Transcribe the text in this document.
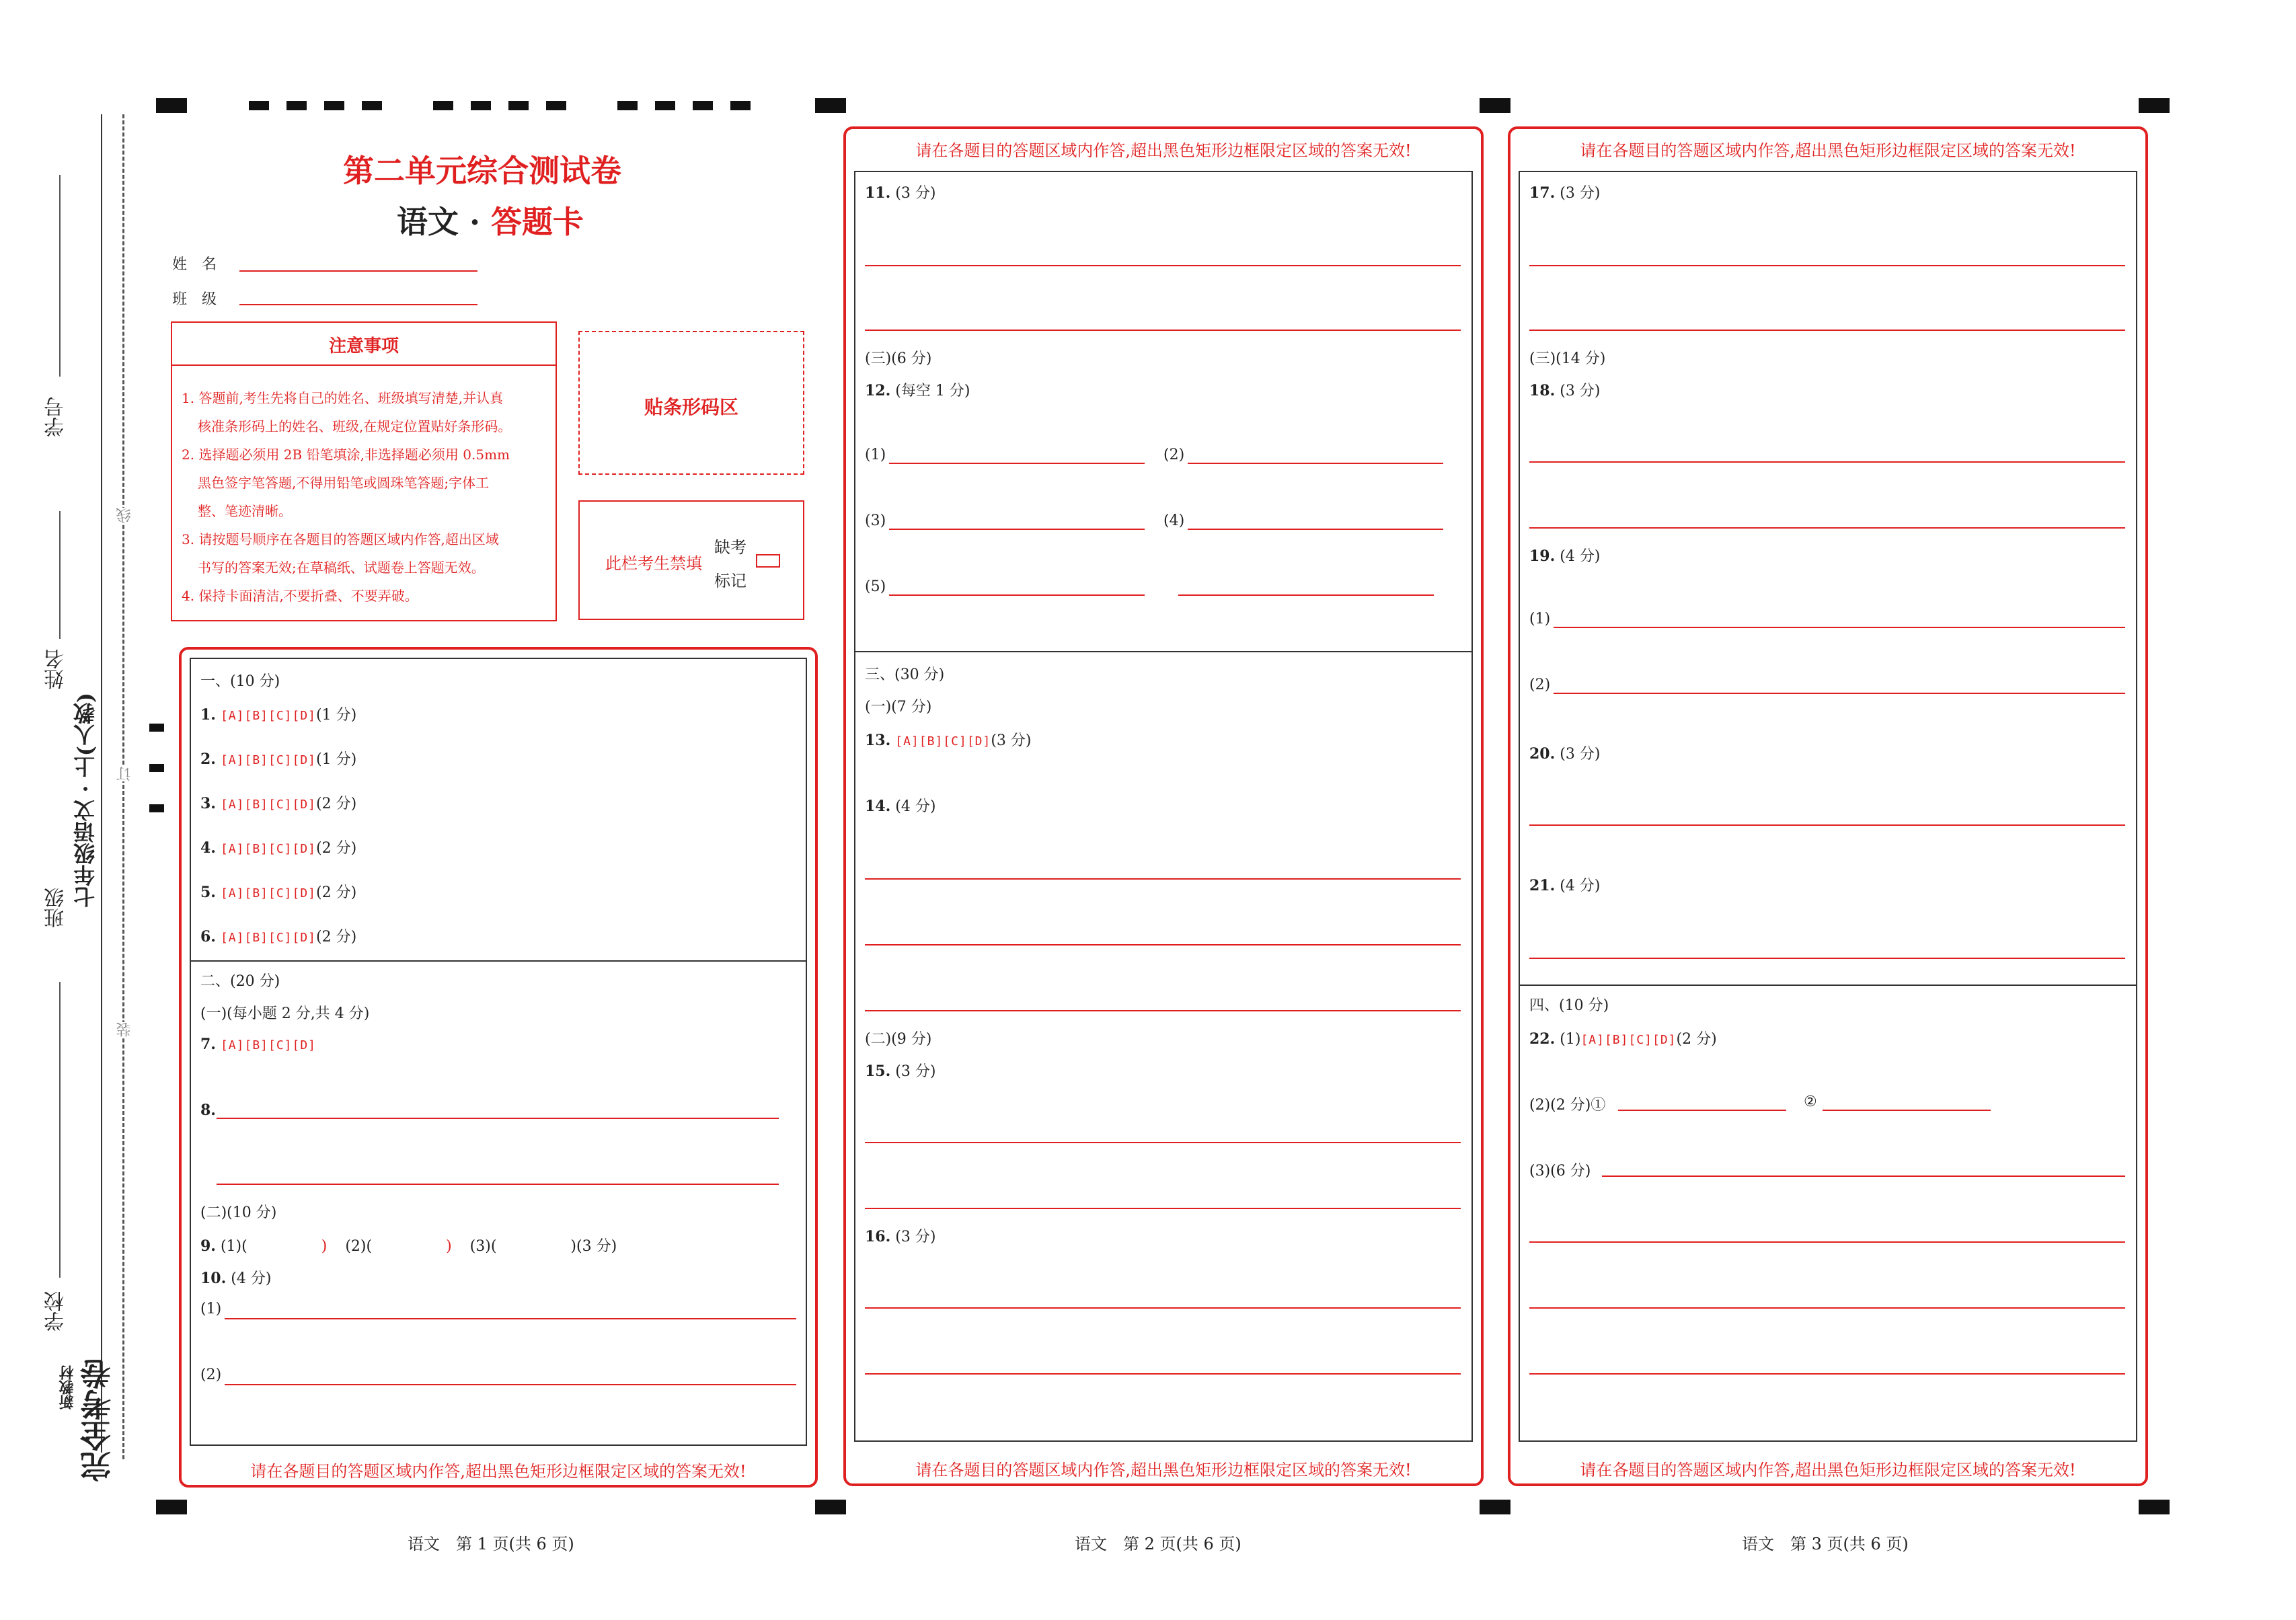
学号
姓名
班级
七年级语文 · 上(人教)
学校
新教材 完全考卷
线
订
装
第二单元综合测试卷
语文 · 答题卡
姓　名
班　级
注意事项
1. 答题前,考生先将自己的姓名、班级填写清楚,并认真
核准条形码上的姓名、班级,在规定位置贴好条形码。
2. 选择题必须用 2B 铅笔填涂,非选择题必须用 0.5mm
黑色签字笔答题,不得用铅笔或圆珠笔答题;字体工
整、笔迹清晰。
3. 请按题号顺序在各题目的答题区域内作答,超出区域
书写的答案无效;在草稿纸、试题卷上答题无效。
4. 保持卡面清洁,不要折叠、不要弄破。
贴条形码区
此栏考生禁填
缺考
标记
一、(10 分)
1. [A][B][C][D](1 分)
2. [A][B][C][D](1 分)
3. [A][B][C][D](2 分)
4. [A][B][C][D](2 分)
5. [A][B][C][D](2 分)
6. [A][B][C][D](2 分)
二、(20 分)
(一)(每小题 2 分,共 4 分)
7. [A][B][C][D]
8.
(二)(10 分)
9. (1)(	) (2)(	) (3)(	)(3 分)
10. (4 分)
(1)
(2)
请在各题目的答题区域内作答,超出黑色矩形边框限定区域的答案无效!
请在各题目的答题区域内作答,超出黑色矩形边框限定区域的答案无效!
11. (3 分)
(三)(6 分)
12. (每空 1 分)
(1)	(2)
(3)	(4)
(5)
三、(30 分)
(一)(7 分)
13. [A][B][C][D](3 分)
14. (4 分)
(二)(9 分)
15. (3 分)
16. (3 分)
请在各题目的答题区域内作答,超出黑色矩形边框限定区域的答案无效!
请在各题目的答题区域内作答,超出黑色矩形边框限定区域的答案无效!
17. (3 分)
(三)(14 分)
18. (3 分)
19. (4 分)
(1)
(2)
20. (3 分)
21. (4 分)
四、(10 分)
22. (1)[A][B][C][D](2 分)
(2)(2 分)①	②
(3)(6 分)
请在各题目的答题区域内作答,超出黑色矩形边框限定区域的答案无效!
语文　第 1 页(共 6 页)	语文　第 2 页(共 6 页)	语文　第 3 页(共 6 页)
